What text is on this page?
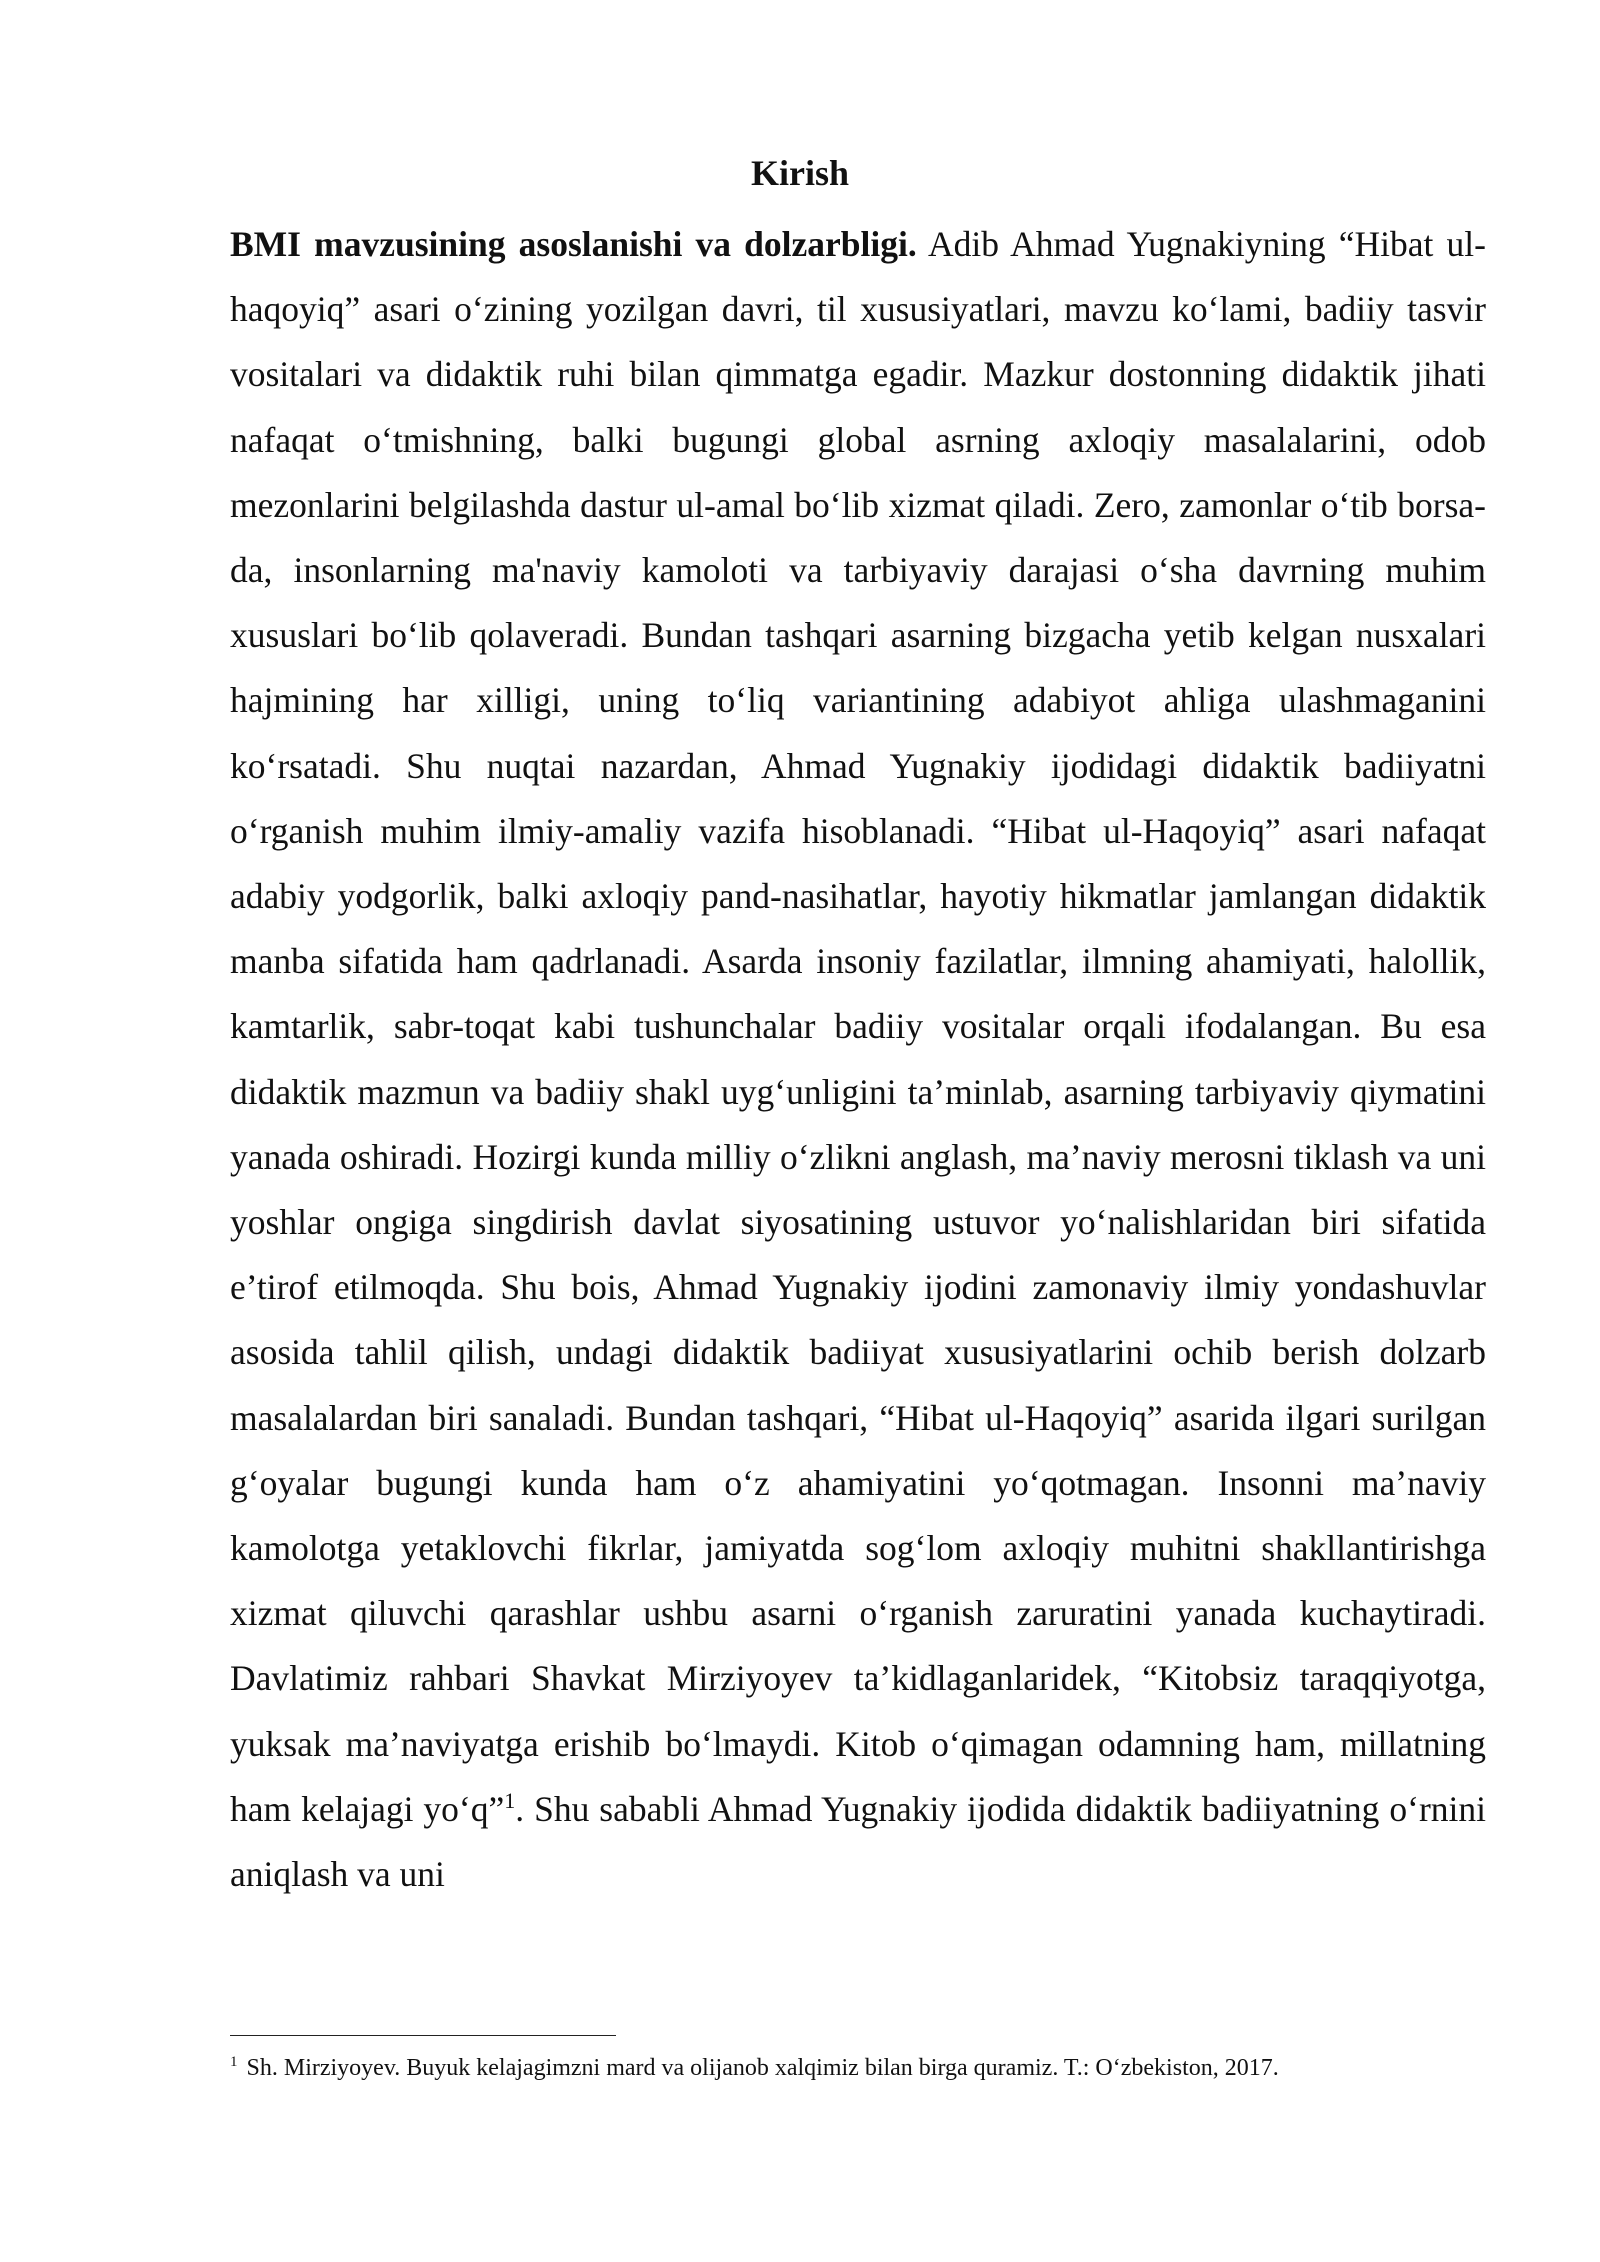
Kirish

BMI mavzusining asoslanishi va dolzarbligi. Adib Ahmad Yugnakiyning “Hibat ul-haqoyiq” asari o‘zining yozilgan davri, til xususiyatlari, mavzu ko‘lami, badiiy tasvir vositalari va didaktik ruhi bilan qimmatga egadir. Mazkur dostonning didaktik jihati nafaqat o‘tmishning, balki bugungi global asrning axloqiy masalalarini, odob mezonlarini belgilashda dastur ul-amal bo‘lib xizmat qiladi. Zero, zamonlar o‘tib borsa-da, insonlarning ma'naviy kamoloti va tarbiyaviy darajasi o‘sha davrning muhim xususlari bo‘lib qolaveradi. Bundan tashqari asarning bizgacha yetib kelgan nusxalari hajmining har xilligi, uning to‘liq variantining adabiyot ahliga ulashmaganini ko‘rsatadi. Shu nuqtai nazardan, Ahmad Yugnakiy ijodidagi didaktik badiiyatni o‘rganish muhim ilmiy-amaliy vazifa hisoblanadi. “Hibat ul-Haqoyiq” asari nafaqat adabiy yodgorlik, balki axloqiy pand-nasihatlar, hayotiy hikmatlar jamlangan didaktik manba sifatida ham qadrlanadi. Asarda insoniy fazilatlar, ilmning ahamiyati, halollik, kamtarlik, sabr-toqat kabi tushunchalar badiiy vositalar orqali ifodalangan. Bu esa didaktik mazmun va badiiy shakl uyg‘unligini ta’minlab, asarning tarbiyaviy qiymatini yanada oshiradi. Hozirgi kunda milliy o‘zlikni anglash, ma’naviy merosni tiklash va uni yoshlar ongiga singdirish davlat siyosatining ustuvor yo‘nalishlaridan biri sifatida e’tirof etilmoqda. Shu bois, Ahmad Yugnakiy ijodini zamonaviy ilmiy yondashuvlar asosida tahlil qilish, undagi didaktik badiiyat xususiyatlarini ochib berish dolzarb masalalardan biri sanaladi. Bundan tashqari, “Hibat ul-Haqoyiq” asarida ilgari surilgan g‘oyalar bugungi kunda ham o‘z ahamiyatini yo‘qotmagan. Insonni ma’naviy kamolotga yetaklovchi fikrlar, jamiyatda sog‘lom axloqiy muhitni shakllantirishga xizmat qiluvchi qarashlar ushbu asarni o‘rganish zaruratini yanada kuchaytiradi. Davlatimiz rahbari Shavkat Mirziyoyev ta’kidlaganlaridek, “Kitobsiz taraqqiyotga, yuksak ma’naviyatga erishib bo‘lmaydi. Kitob o‘qimagan odamning ham, millatning ham kelajagi yo‘q”$^1$. Shu sababli Ahmad Yugnakiy ijodida didaktik badiiyatning o‘rnini aniqlash va uni

$^1$ Sh. Mirziyoyev. Buyuk kelajagimzni mard va olijanob xalqimiz bilan birga quramiz. T.: O‘zbekiston, 2017.
